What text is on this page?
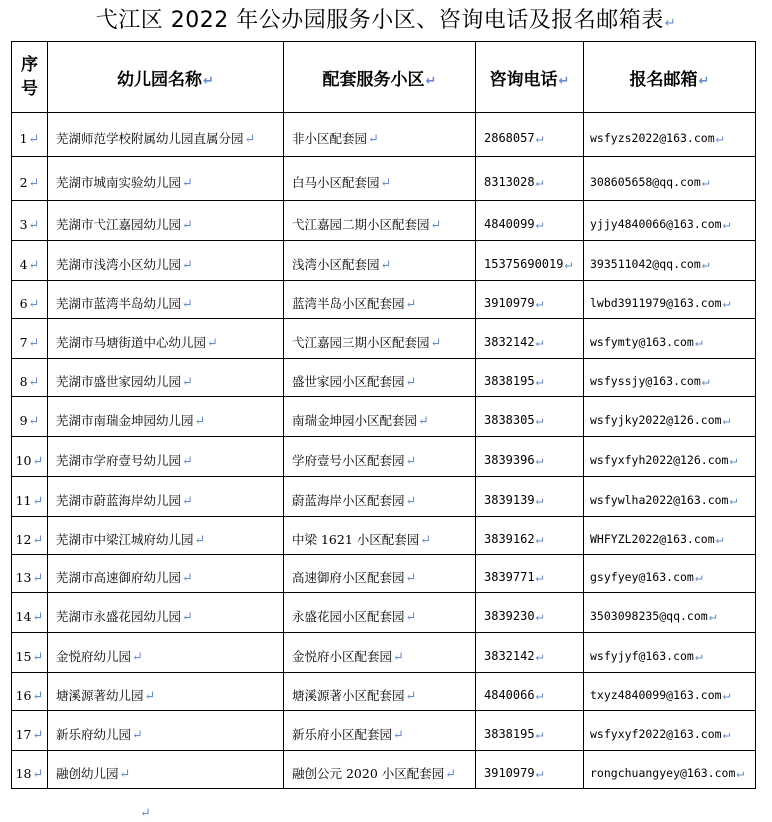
弋江区 2022 年公办园服务小区、咨询电话及报名邮箱表↵
序
号	幼儿园名称↵	配套服务小区↵	咨询电话↵	报名邮箱↵
1↵	芜湖师范学校附属幼儿园直属分园↵	非小区配套园↵	2868057↵	wsfyzs2022@163.com↵
2↵	芜湖市城南实验幼儿园↵	白马小区配套园↵	8313028↵	308605658@qq.com↵
3↵	芜湖市弋江嘉园幼儿园↵	弋江嘉园二期小区配套园↵	4840099↵	yjjy4840066@163.com↵
4↵	芜湖市浅湾小区幼儿园↵	浅湾小区配套园↵	15375690019↵	393511042@qq.com↵
6↵	芜湖市蓝湾半岛幼儿园↵	蓝湾半岛小区配套园↵	3910979↵	lwbd3911979@163.com↵
7↵	芜湖市马塘街道中心幼儿园↵	弋江嘉园三期小区配套园↵	3832142↵	wsfymty@163.com↵
8↵	芜湖市盛世家园幼儿园↵	盛世家园小区配套园↵	3838195↵	wsfyssjy@163.com↵
9↵	芜湖市南瑞金坤园幼儿园↵	南瑞金坤园小区配套园↵	3838305↵	wsfyjky2022@126.com↵
10↵	芜湖市学府壹号幼儿园↵	学府壹号小区配套园↵	3839396↵	wsfyxfyh2022@126.com↵
11↵	芜湖市蔚蓝海岸幼儿园↵	蔚蓝海岸小区配套园↵	3839139↵	wsfywlha2022@163.com↵
12↵	芜湖市中梁江城府幼儿园↵	中梁 1621 小区配套园↵	3839162↵	WHFYZL2022@163.com↵
13↵	芜湖市高速御府幼儿园↵	高速御府小区配套园↵	3839771↵	gsyfyey@163.com↵
14↵	芜湖市永盛花园幼儿园↵	永盛花园小区配套园↵	3839230↵	3503098235@qq.com↵
15↵	金悦府幼儿园↵	金悦府小区配套园↵	3832142↵	wsfyjyf@163.com↵
16↵	塘溪源著幼儿园↵	塘溪源著小区配套园↵	4840066↵	txyz4840099@163.com↵
17↵	新乐府幼儿园↵	新乐府小区配套园↵	3838195↵	wsfyxyf2022@163.com↵
18↵	融创幼儿园↵	融创公元 2020 小区配套园↵	3910979↵	rongchuangyey@163.com↵
↵
